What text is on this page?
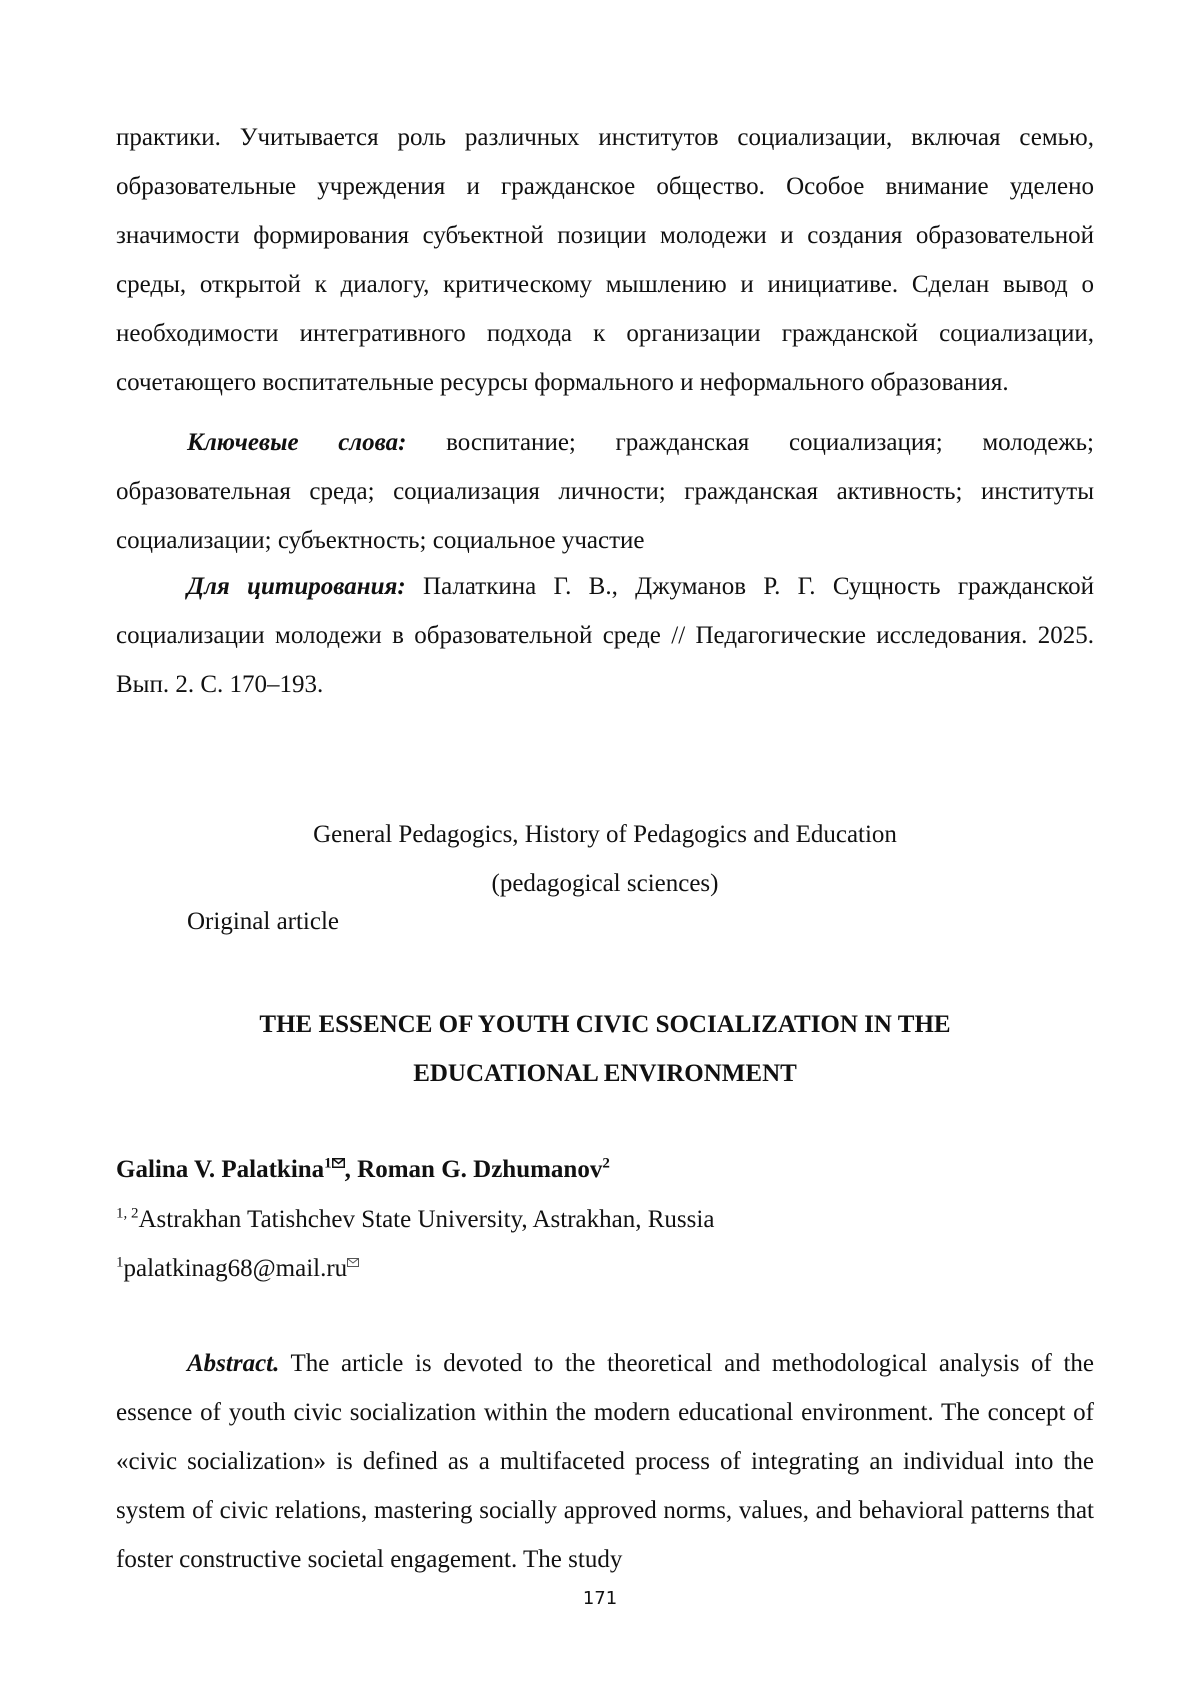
практики. Учитывается роль различных институтов социализации, включая семью, образовательные учреждения и гражданское общество. Особое внимание уделено значимости формирования субъектной позиции молодежи и создания образовательной среды, открытой к диалогу, критическому мышлению и инициативе. Сделан вывод о необходимости интегративного подхода к организации гражданской социализации, сочетающего воспитательные ресурсы формального и неформального образования.

Ключевые слова: воспитание; гражданская социализация; молодежь; образовательная среда; социализация личности; гражданская активность; институты социализации; субъектность; социальное участие

Для цитирования: Палаткина Г. В., Джуманов Р. Г. Сущность гражданской социализации молодежи в образовательной среде // Педагогические исследования. 2025. Вып. 2. С. 170–193.

General Pedagogics, History of Pedagogics and Education
(pedagogical sciences)
Original article
THE ESSENCE OF YOUTH CIVIC SOCIALIZATION IN THE
EDUCATIONAL ENVIRONMENT
Galina V. Palatkina$^1$ , Roman G. Dzhumanov$^2$
$^{1, 2}$Astrakhan Tatishchev State University, Astrakhan, Russia
$^1$palatkinag68@mail.ru

Abstract. The article is devoted to the theoretical and methodological analysis of the essence of youth civic socialization within the modern educational environment. The concept of «civic socialization» is defined as a multifaceted process of integrating an individual into the system of civic relations, mastering socially approved norms, values, and behavioral patterns that foster constructive societal engagement. The study

171
